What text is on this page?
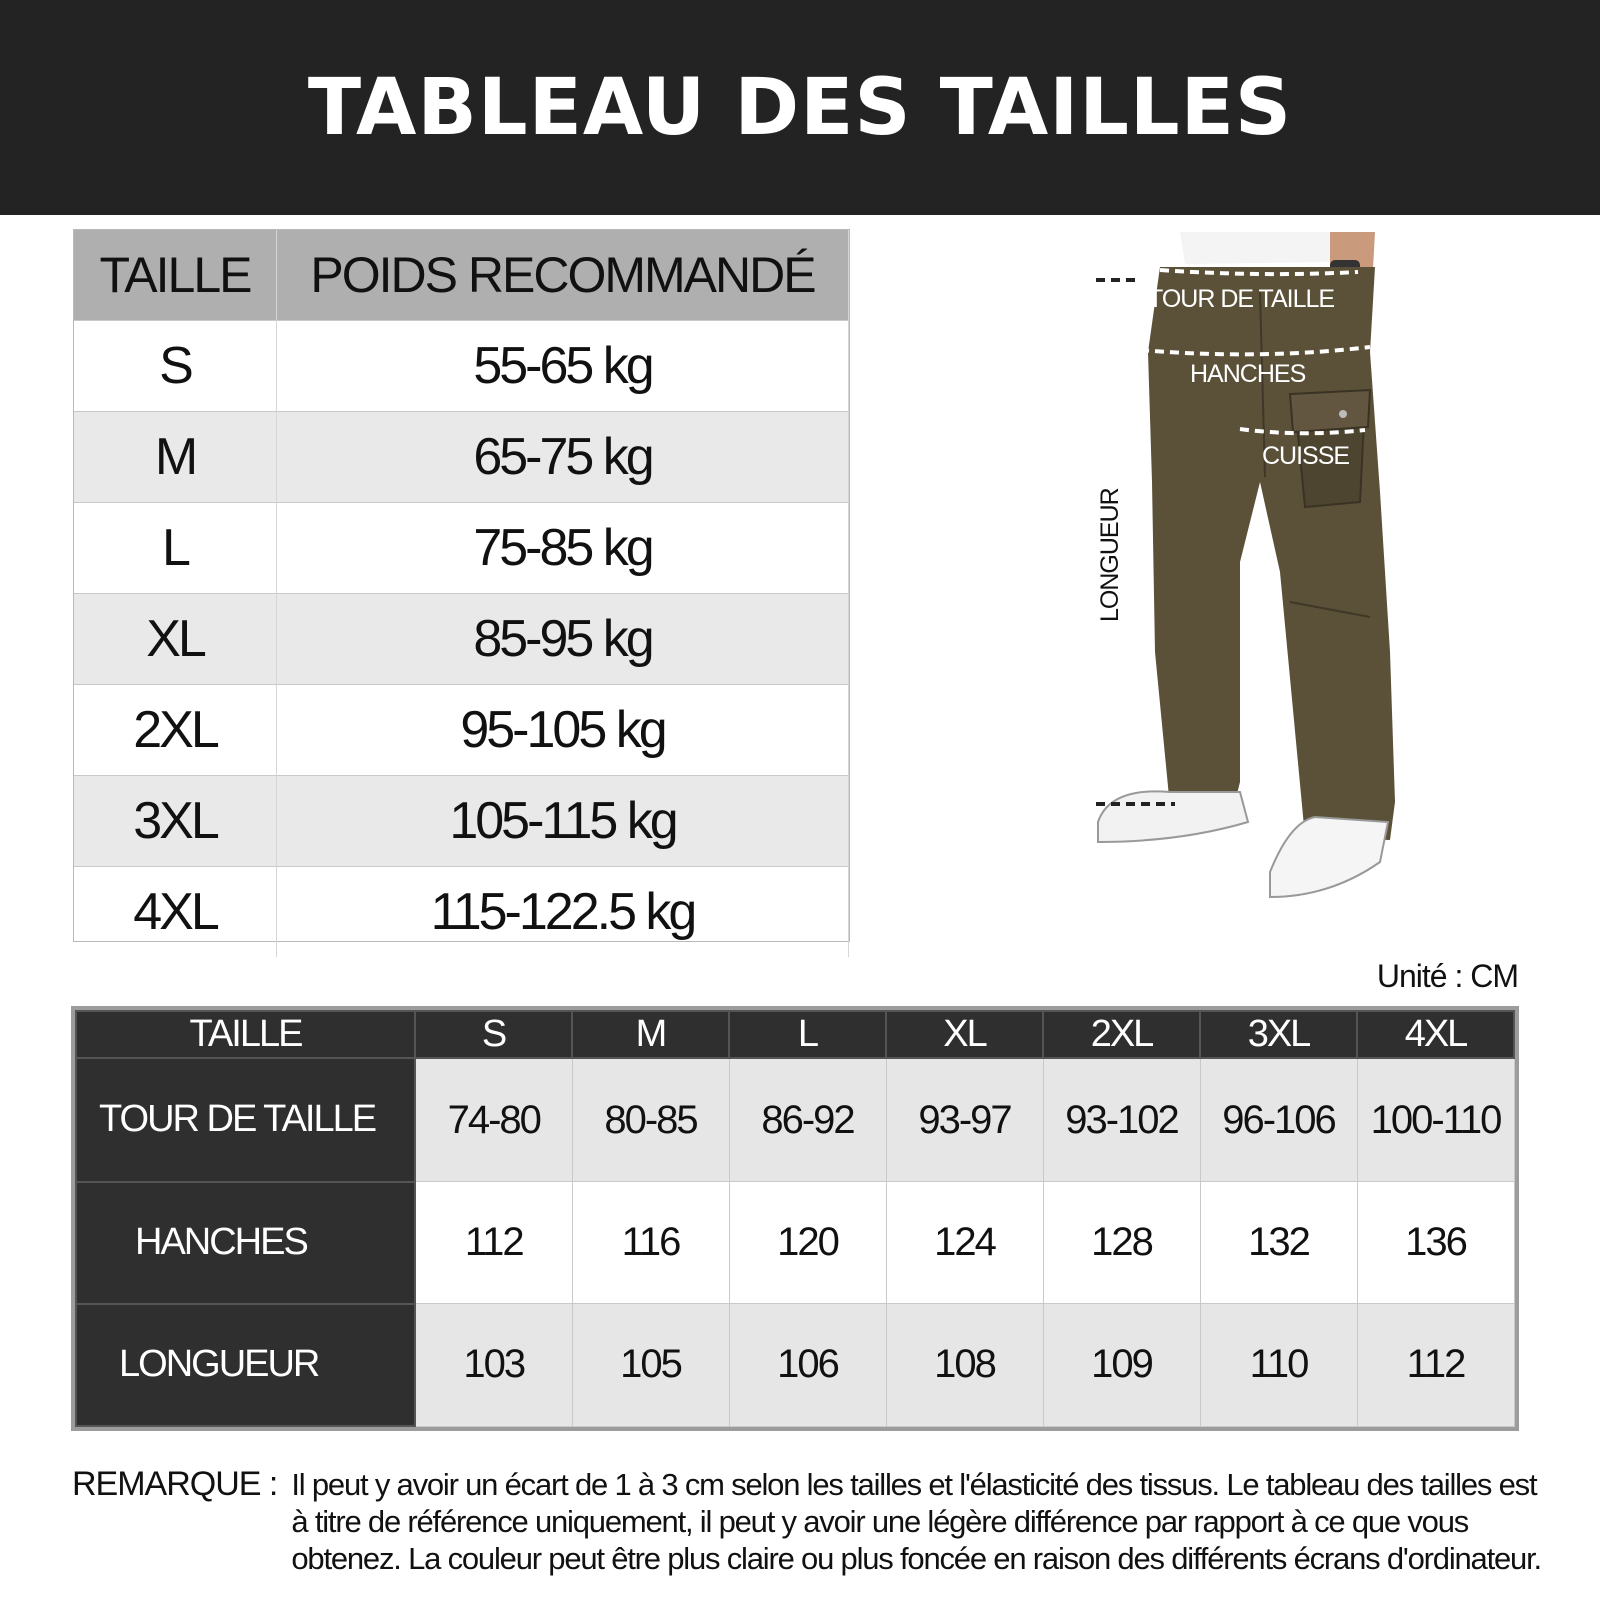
TABLEAU DES TAILLES
TAILLE	POIDS RECOMMANDÉ
S	55-65 kg
M	65-75 kg
L	75-85 kg
XL	85-95 kg
2XL	95-105 kg
3XL	105-115 kg
4XL	115-122.5 kg
TOUR DE TAILLE
HANCHES
CUISSE
LONGUEUR
Unité : CM
TAILLE	S	M	L	XL	2XL	3XL	4XL
TOUR DE TAILLE	74-80	80-85	86-92	93-97	93-102	96-106	100-110
HANCHES	112	116	120	124	128	132	136
LONGUEUR	103	105	106	108	109	110	112
REMARQUE : Il peut y avoir un écart de 1 à 3 cm selon les tailles et l'élasticité des tissus. Le tableau des tailles est à titre de référence uniquement, il peut y avoir une légère différence par rapport à ce que vous obtenez. La couleur peut être plus claire ou plus foncée en raison des différents écrans d'ordinateur.
